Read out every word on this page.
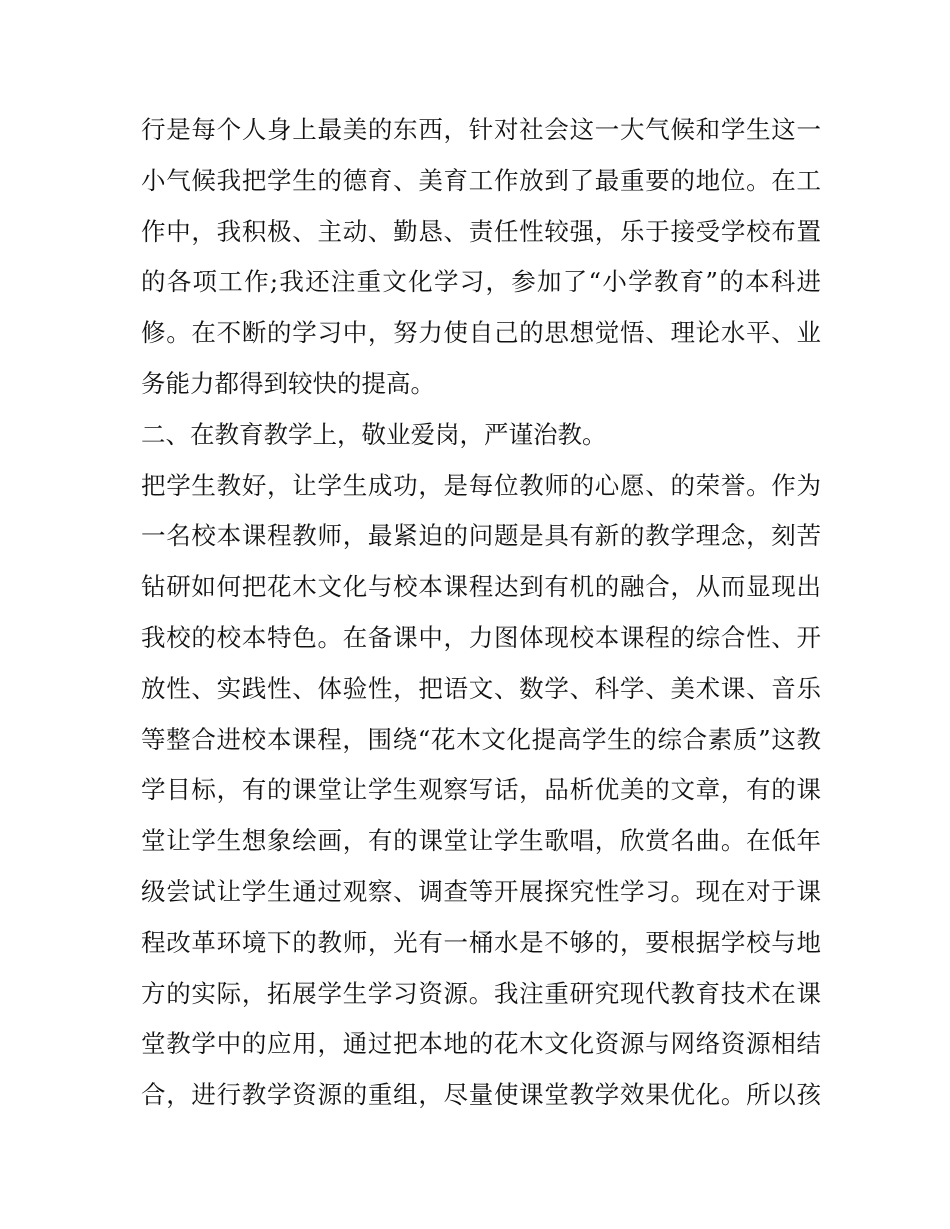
行是每个人身上最美的东西，针对社会这一大气候和学生这一
小气候我把学生的德育、美育工作放到了最重要的地位。在工
作中，我积极、主动、勤恳、责任性较强，乐于接受学校布置
的各项工作;我还注重文化学习，参加了“小学教育”的本科进
修。在不断的学习中，努力使自己的思想觉悟、理论水平、业
务能力都得到较快的提高。
二、在教育教学上，敬业爱岗，严谨治教。
把学生教好，让学生成功，是每位教师的心愿、的荣誉。作为
一名校本课程教师，最紧迫的问题是具有新的教学理念，刻苦
钻研如何把花木文化与校本课程达到有机的融合，从而显现出
我校的校本特色。在备课中，力图体现校本课程的综合性、开
放性、实践性、体验性，把语文、数学、科学、美术课、音乐
等整合进校本课程，围绕“花木文化提高学生的综合素质”这教
学目标，有的课堂让学生观察写话，品析优美的文章，有的课
堂让学生想象绘画，有的课堂让学生歌唱，欣赏名曲。在低年
级尝试让学生通过观察、调查等开展探究性学习。现在对于课
程改革环境下的教师，光有一桶水是不够的，要根据学校与地
方的实际，拓展学生学习资源。我注重研究现代教育技术在课
堂教学中的应用，通过把本地的花木文化资源与网络资源相结
合，进行教学资源的重组，尽量使课堂教学效果优化。所以孩
